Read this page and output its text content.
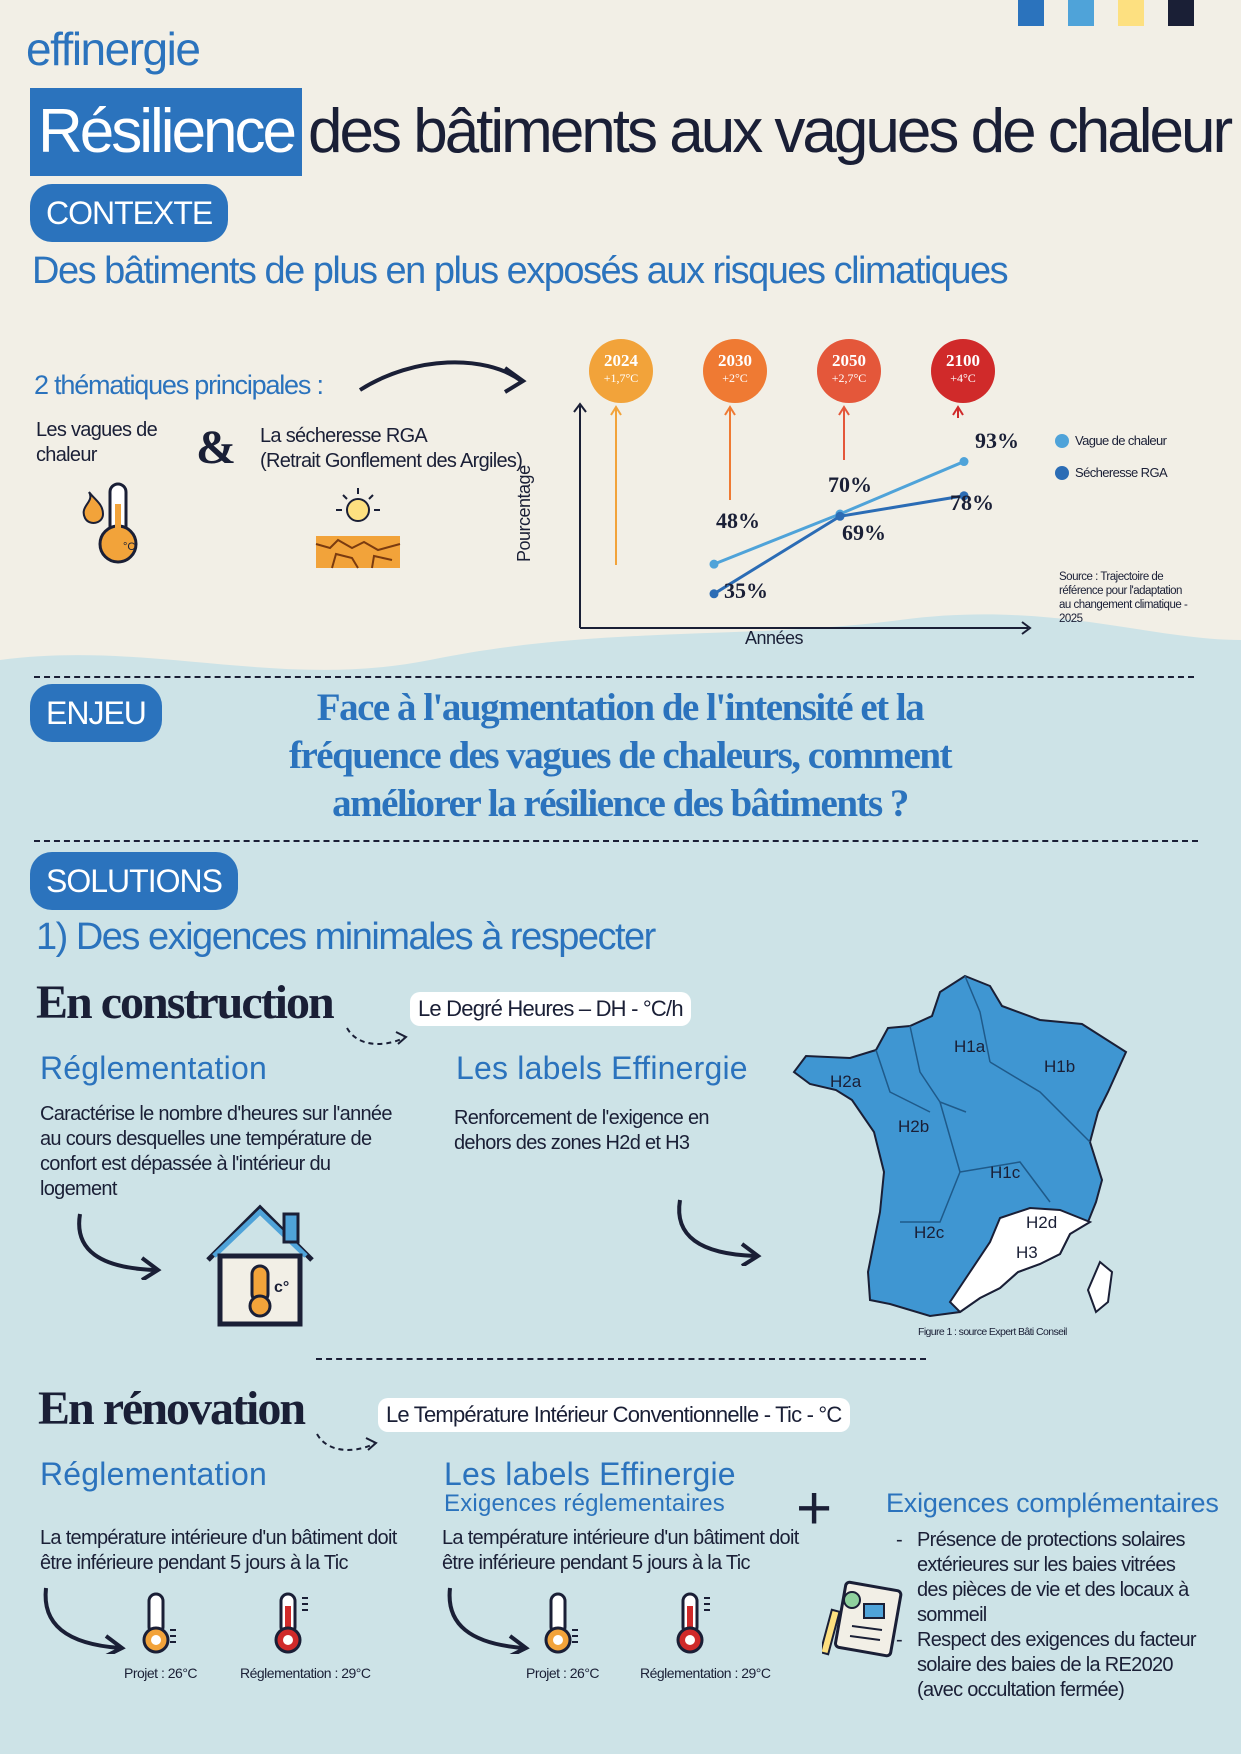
effinergie
Résilience des bâtiments aux vagues de chaleur
CONTEXTE
Des bâtiments de plus en plus exposés aux risques climatiques
2 thématiques principales :
Les vagues de chaleur	& La sécheresse RGA
(Retrait Gonflement des Argiles)
°C
2024
+1,7°C
2030
+2°C
2050
+2,7°C
2100
+4°C
Pourcentage
Années
48%
70%
93%
35%
69%
78%
Vague de chaleur
Sécheresse RGA
Source : Trajectoire de référence pour l'adaptation au changement climatique - 2025
ENJEU	Face à l'augmentation de l'intensité et la
fréquence des vagues de chaleurs, comment
améliorer la résilience des bâtiments ?
SOLUTIONS
1) Des exigences minimales à respecter
En construction	Le Degré Heures – DH - °C/h
Réglementation
Caractérise le nombre d'heures sur l'année au cours desquelles une température de confort est dépassée à l'intérieur du logement
c°
Les labels Effinergie
Renforcement de l'exigence en dehors des zones H2d et H3
H1a
H1b
H2a
H2b
H1c
H2c
H2d
H3
Figure 1 : source Expert Bâti Conseil
En rénovation	Le Température Intérieur Conventionnelle - Tic - °C
Réglementation
La température intérieure d'un bâtiment doit être inférieure pendant 5 jours à la Tic
Projet : 26°C	Réglementation : 29°C
Les labels Effinergie
Exigences réglementaires
La température intérieure d'un bâtiment doit être inférieure pendant 5 jours à la Tic
Projet : 26°C	Réglementation : 29°C
+ Exigences complémentaires
- Présence de protections solaires extérieures sur les baies vitrées des pièces de vie et des locaux à sommeil
- Respect des exigences du facteur solaire des baies de la RE2020 (avec occultation fermée)
